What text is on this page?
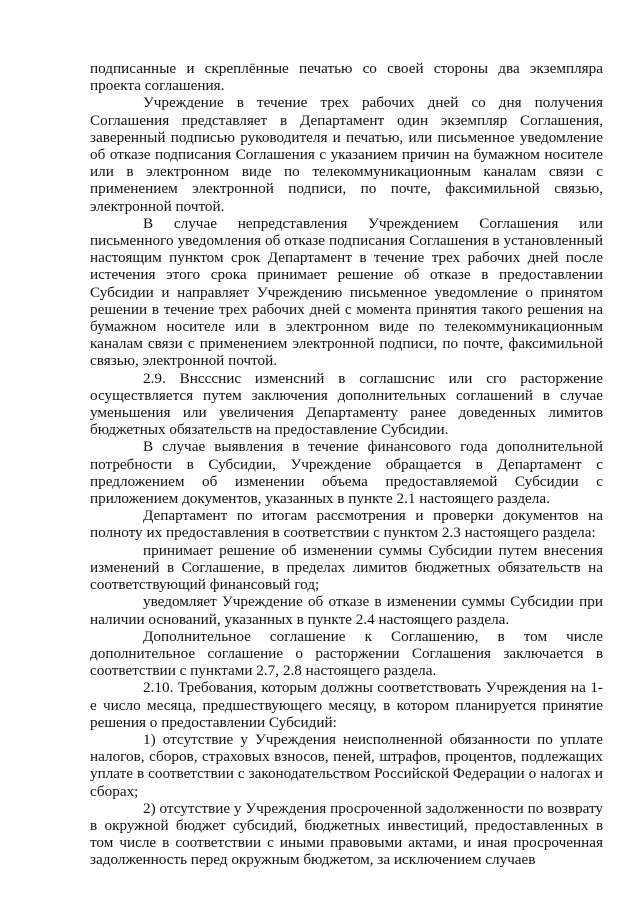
подписанные и скреплённые печатью со своей стороны два экземпляра проекта соглашения.

Учреждение в течение трех рабочих дней со дня получения Соглашения представляет в Департамент один экземпляр Соглашения, заверенный подписью руководителя и печатью, или письменное уведомление об отказе подписания Соглашения с указанием причин на бумажном носителе или в электронном виде по телекоммуникационным каналам связи с применением электронной подписи, по почте, факсимильной связью, электронной почтой.

В случае непредставления Учреждением Соглашения или письменного уведомления об отказе подписания Соглашения в установленный настоящим пунктом срок Департамент в течение трех рабочих дней после истечения этого срока принимает решение об отказе в предоставлении Субсидии и направляет Учреждению письменное уведомление о принятом решении в течение трех рабочих дней с момента принятия такого решения на бумажном носителе или в электронном виде по телекоммуникационным каналам связи с применением электронной подписи, по почте, факсимильной связью, электронной почтой.

2.9. Внссснис изменсний в соглашснис или сго расторжение осуществляется путем заключения дополнительных соглашений в случае уменьшения или увеличения Департаменту ранее доведенных лимитов бюджетных обязательств на предоставление Субсидии.

В случае выявления в течение финансового года дополнительной потребности в Субсидии, Учреждение обращается в Департамент с предложением об изменении объема предоставляемой Субсидии с приложением документов, указанных в пункте 2.1 настоящего раздела.

Департамент по итогам рассмотрения и проверки документов на полноту их предоставления в соответствии с пунктом 2.3 настоящего раздела:

принимает решение об изменении суммы Субсидии путем внесения изменений в Соглашение, в пределах лимитов бюджетных обязательств на соответствующий финансовый год;

уведомляет Учреждение об отказе в изменении суммы Субсидии при наличии оснований, указанных в пункте 2.4 настоящего раздела.

Дополнительное соглашение к Соглашению, в том числе дополнительное соглашение о расторжении Соглашения заключается в соответствии с пунктами 2.7, 2.8 настоящего раздела.

2.10. Требования, которым должны соответствовать Учреждения на 1-е число месяца, предшествующего месяцу, в котором планируется принятие решения о предоставлении Субсидий:

1) отсутствие у Учреждения неисполненной обязанности по уплате налогов, сборов, страховых взносов, пеней, штрафов, процентов, подлежащих уплате в соответствии с законодательством Российской Федерации о налогах и сборах;

2) отсутствие у Учреждения просроченной задолженности по возврату в окружной бюджет субсидий, бюджетных инвестиций, предоставленных в том числе в соответствии с иными правовыми актами, и иная просроченная задолженность перед окружным бюджетом, за исключением случаев
